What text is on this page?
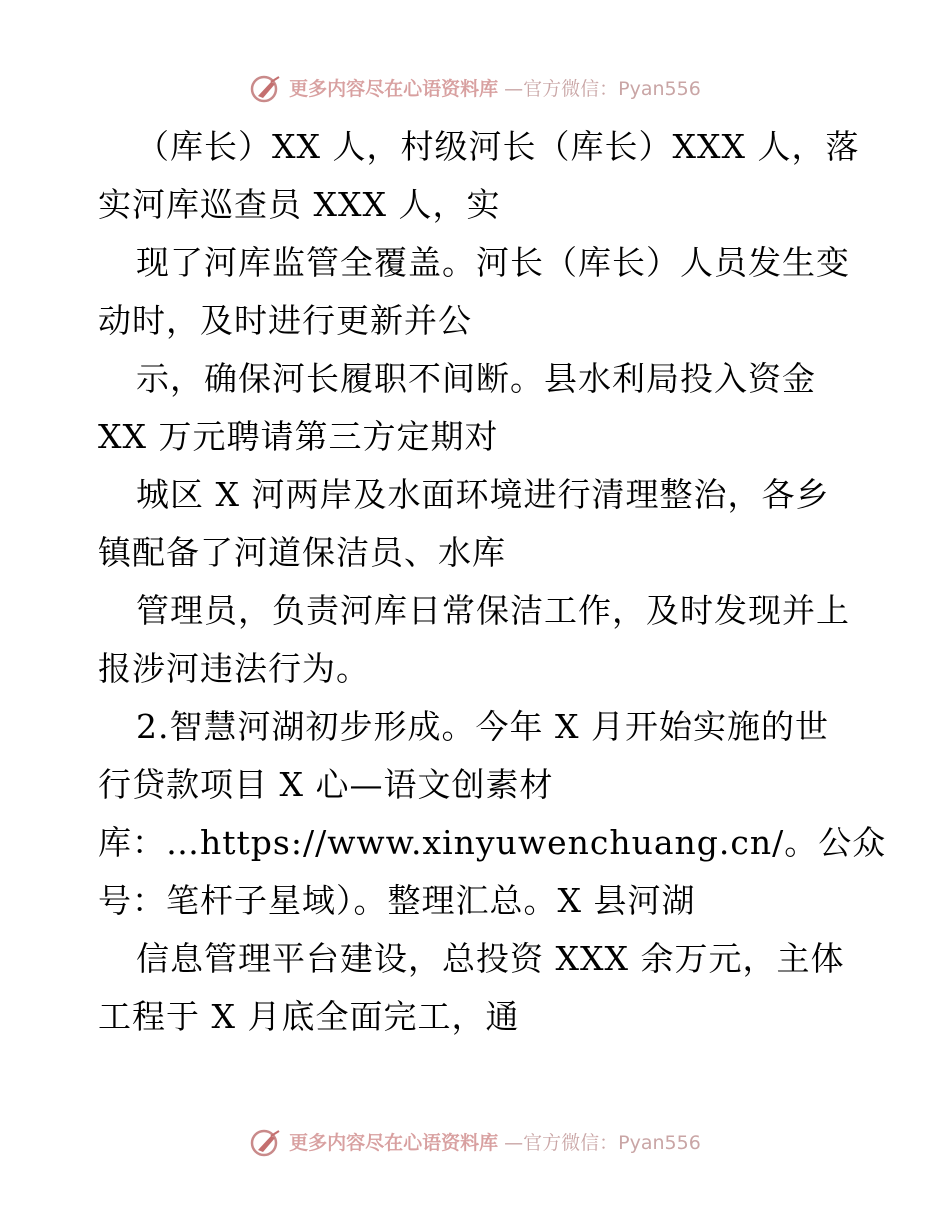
更多内容尽在心语资料库 —官方微信：Pyan556
（库长）XX 人，村级河长（库长）XXX 人，落
实河库巡查员 XXX 人，实
现了河库监管全覆盖。河长（库长）人员发生变
动时，及时进行更新并公
示，确保河长履职不间断。县水利局投入资金
XX 万元聘请第三方定期对
城区 X 河两岸及水面环境进行清理整治，各乡
镇配备了河道保洁员、水库
管理员，负责河库日常保洁工作，及时发现并上
报涉河违法行为。
2.智慧河湖初步形成。今年 X 月开始实施的世
行贷款项目 X 心—语文创素材
库：…https://www.xinyuwenchuang.cn/。公众
号：笔杆子星域）。整理汇总。X 县河湖
信息管理平台建设，总投资 XXX 余万元，主体
工程于 X 月底全面完工，通
更多内容尽在心语资料库 —官方微信：Pyan556
